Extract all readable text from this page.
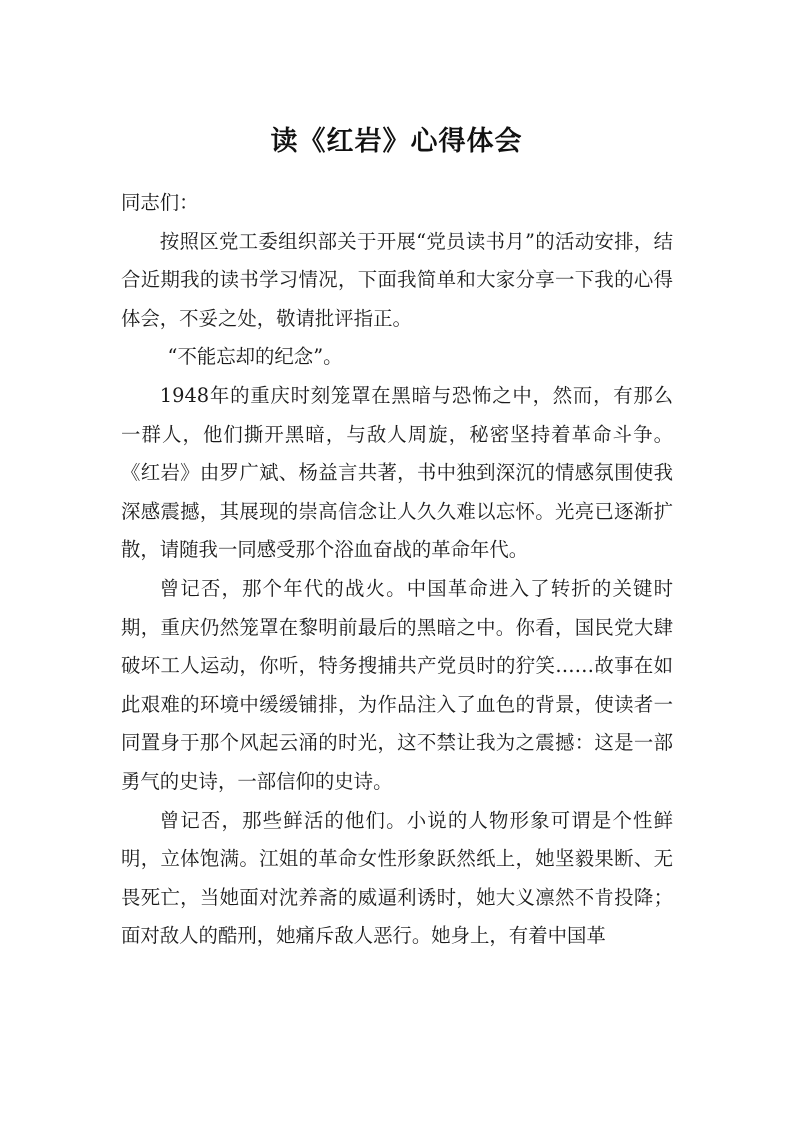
读《红岩》心得体会

同志们：

按照区党工委组织部关于开展“党员读书月”的活动安排，结合近期我的读书学习情况，下面我简单和大家分享一下我的心得体会，不妥之处，敬请批评指正。

“不能忘却的纪念”。

1948年的重庆时刻笼罩在黑暗与恐怖之中，然而，有那么一群人，他们撕开黑暗，与敌人周旋，秘密坚持着革命斗争。《红岩》由罗广斌、杨益言共著，书中独到深沉的情感氛围使我深感震撼，其展现的崇高信念让人久久难以忘怀。光亮已逐渐扩散，请随我一同感受那个浴血奋战的革命年代。

曾记否，那个年代的战火。中国革命进入了转折的关键时期，重庆仍然笼罩在黎明前最后的黑暗之中。你看，国民党大肆破坏工人运动，你听，特务搜捕共产党员时的狞笑……故事在如此艰难的环境中缓缓铺排，为作品注入了血色的背景，使读者一同置身于那个风起云涌的时光，这不禁让我为之震撼：这是一部勇气的史诗，一部信仰的史诗。

曾记否，那些鲜活的他们。小说的人物形象可谓是个性鲜明，立体饱满。江姐的革命女性形象跃然纸上，她坚毅果断、无畏死亡，当她面对沈养斋的威逼利诱时，她大义凛然不肯投降；面对敌人的酷刑，她痛斥敌人恶行。她身上，有着中国革
